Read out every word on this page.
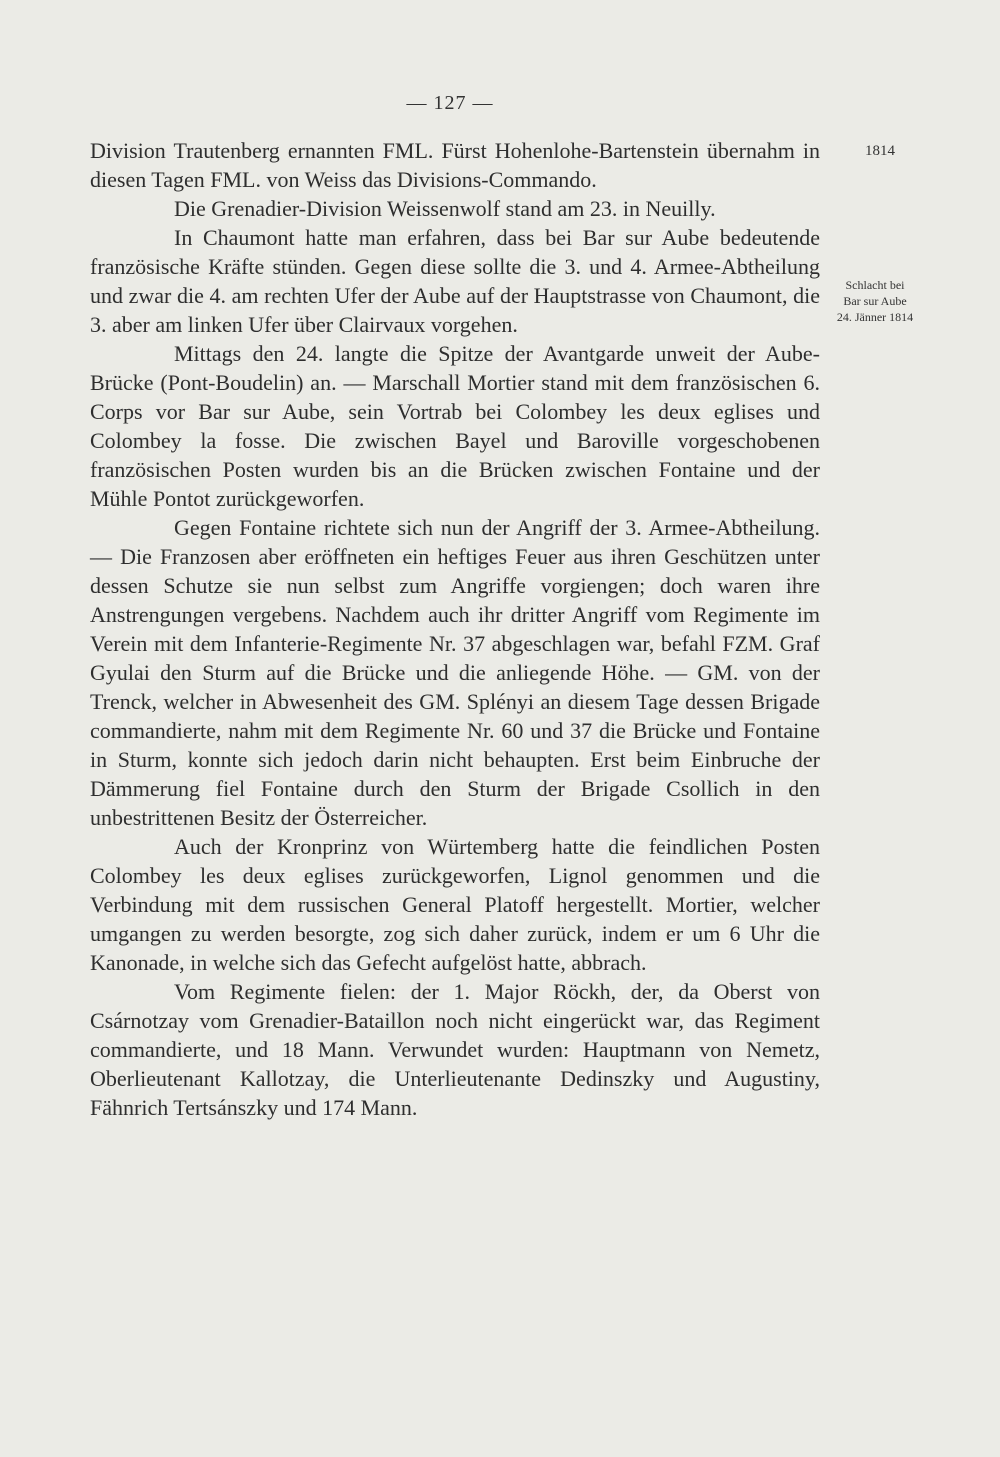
— 127 —
1814
Schlacht bei
Bar sur Aube
24. Jänner 1814

Division Trautenberg ernannten FML. Fürst Hohenlohe-Bartenstein übernahm in diesen Tagen FML. von Weiss das Divisions-Commando.

Die Grenadier-Division Weissenwolf stand am 23. in Neuilly.

In Chaumont hatte man erfahren, dass bei Bar sur Aube bedeutende französische Kräfte stünden. Gegen diese sollte die 3. und 4. Armee-Abtheilung und zwar die 4. am rechten Ufer der Aube auf der Hauptstrasse von Chaumont, die 3. aber am linken Ufer über Clairvaux vorgehen.

Mittags den 24. langte die Spitze der Avantgarde unweit der Aube-Brücke (Pont-Boudelin) an. — Marschall Mortier stand mit dem französischen 6. Corps vor Bar sur Aube, sein Vortrab bei Colombey les deux eglises und Colombey la fosse. Die zwischen Bayel und Baroville vorgeschobenen französischen Posten wurden bis an die Brücken zwischen Fontaine und der Mühle Pontot zurückgeworfen.

Gegen Fontaine richtete sich nun der Angriff der 3. Armee-Abtheilung. — Die Franzosen aber eröffneten ein heftiges Feuer aus ihren Geschützen unter dessen Schutze sie nun selbst zum Angriffe vorgiengen; doch waren ihre Anstrengungen vergebens. Nachdem auch ihr dritter Angriff vom Regimente im Verein mit dem Infanterie-Regimente Nr. 37 abgeschlagen war, befahl FZM. Graf Gyulai den Sturm auf die Brücke und die anliegende Höhe. — GM. von der Trenck, welcher in Abwesenheit des GM. Splényi an diesem Tage dessen Brigade commandierte, nahm mit dem Regimente Nr. 60 und 37 die Brücke und Fontaine in Sturm, konnte sich jedoch darin nicht behaupten. Erst beim Einbruche der Dämmerung fiel Fontaine durch den Sturm der Brigade Csollich in den unbestrittenen Besitz der Österreicher.

Auch der Kronprinz von Würtemberg hatte die feindlichen Posten Colombey les deux eglises zurückgeworfen, Lignol genommen und die Verbindung mit dem russischen General Platoff hergestellt. Mortier, welcher umgangen zu werden besorgte, zog sich daher zurück, indem er um 6 Uhr die Kanonade, in welche sich das Gefecht aufgelöst hatte, abbrach.

Vom Regimente fielen: der 1. Major Röckh, der, da Oberst von Csárnotzay vom Grenadier-Bataillon noch nicht eingerückt war, das Regiment commandierte, und 18 Mann. Verwundet wurden: Hauptmann von Nemetz, Oberlieutenant Kallotzay, die Unterlieutenante Dedinszky und Augustiny, Fähnrich Tertsánszky und 174 Mann.
